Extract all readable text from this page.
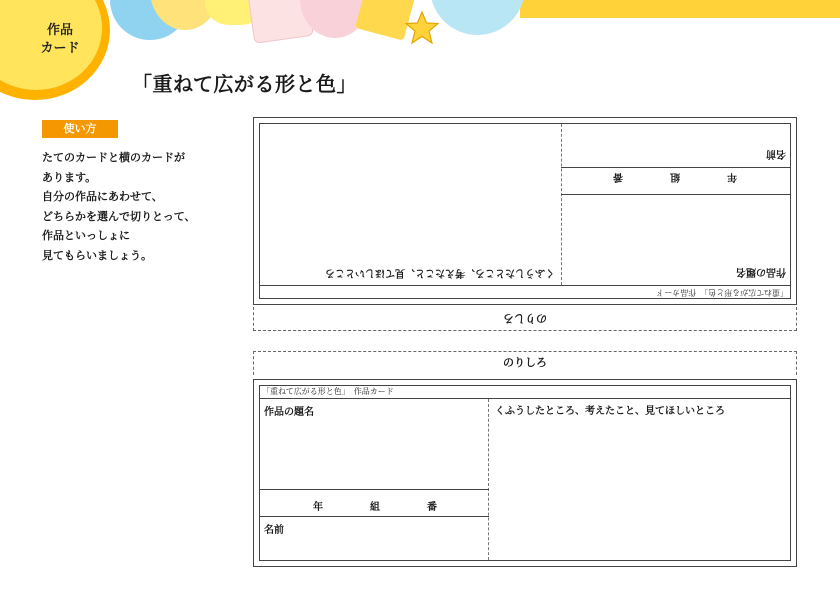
作品
カード
「重ねて広がる形と色」
使い方
たてのカードと横のカードが
あります。
自分の作品にあわせて、
どちらかを選んで切りとって、
作品といっしょに
見てもらいましょう。
「重ねて広がる形と色」　作品カード
作品の題名
年
組
番
名前
くふうしたところ、考えたこと、見てほしいところ
のりしろ
のりしろ
「重ねて広がる形と色」　作品カード
作品の題名
年	組	番
名前
くふうしたところ、考えたこと、見てほしいところ
